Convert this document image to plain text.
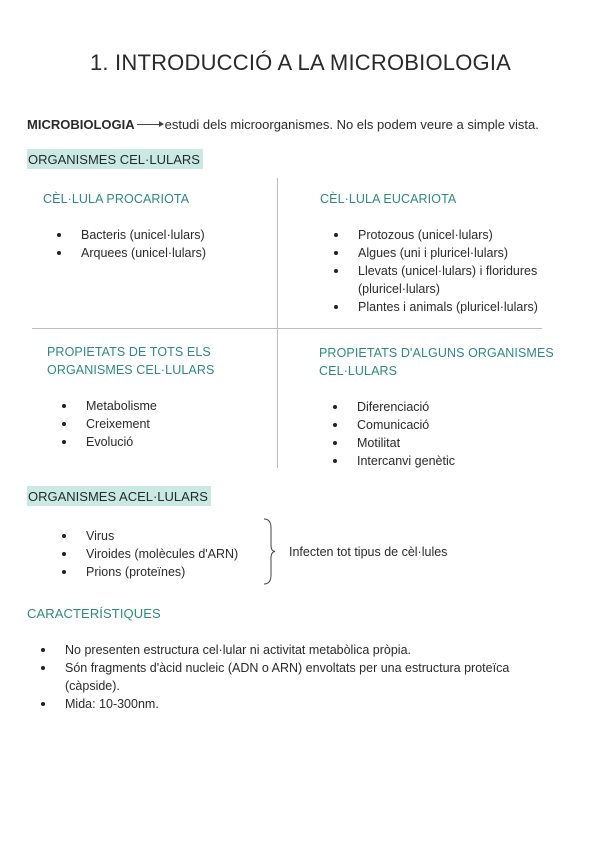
1. INTRODUCCIÓ A LA MICROBIOLOGIA
MICROBIOLOGIA estudi dels microorganismes. No els podem veure a simple vista.
ORGANISMES CEL·LULARS
CÈL·LULA PROCARIOTA
Bacteris (unicel·lulars)
Arquees (unicel·lulars)
CÈL·LULA EUCARIOTA
Protozous (unicel·lulars)
Algues (uni i pluricel·lulars)
Llevats (unicel·lulars) i floridures
(pluricel·lulars)
Plantes i animals (pluricel·lulars)
PROPIETATS DE TOTS ELS
ORGANISMES CEL·LULARS
Metabolisme
Creixement
Evolució
PROPIETATS D'ALGUNS ORGANISMES
CEL·LULARS
Diferenciació
Comunicació
Motilitat
Intercanvi genètic
ORGANISMES ACEL·LULARS
Virus
Viroides (molècules d'ARN)
Prions (proteïnes)
Infecten tot tipus de cèl·lules
CARACTERÍSTIQUES
No presenten estructura cel·lular ni activitat metabòlica pròpia.
Són fragments d'àcid nucleic (ADN o ARN) envoltats per una estructura proteïca
(càpside).
Mida: 10-300nm.
